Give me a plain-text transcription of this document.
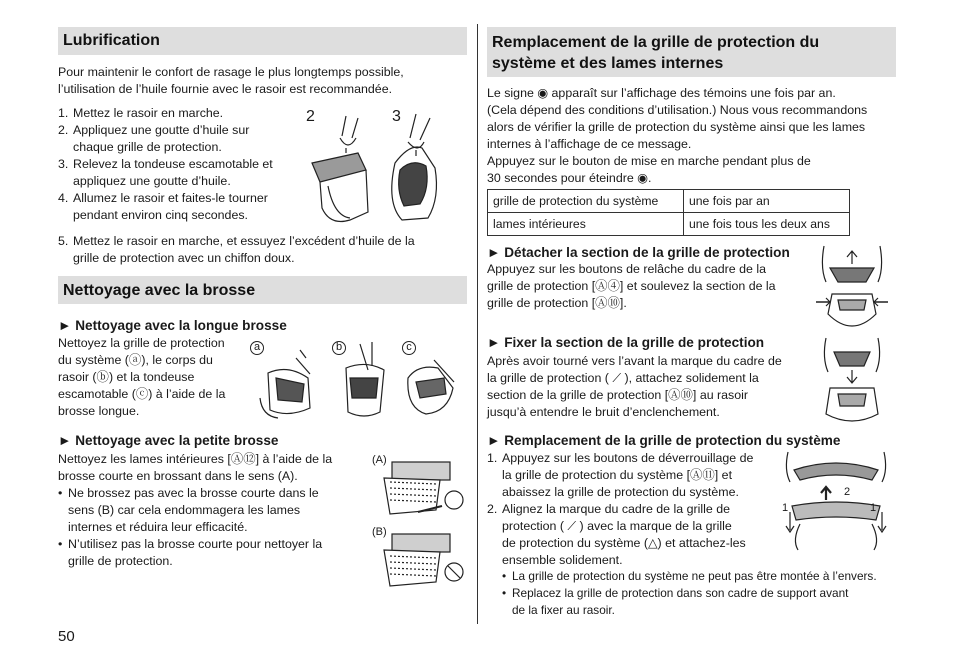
Lubrification
Pour maintenir le confort de rasage le plus longtemps possible,
l’utilisation de l’huile fournie avec le rasoir est recommandée.
1. Mettez le rasoir en marche.
2. Appliquez une goutte d’huile sur
chaque grille de protection.
3. Relevez la tondeuse escamotable et
appliquez une goutte d’huile.
4. Allumez le rasoir et faites-le tourner
pendant environ cinq secondes.
5. Mettez le rasoir en marche, et essuyez l’excédent d’huile de la
grille de protection avec un chiffon doux.
2	3
Nettoyage avec la brosse
► Nettoyage avec la longue brosse
Nettoyez la grille de protection
du système (ⓐ), le corps du
rasoir (ⓑ) et la tondeuse
escamotable (ⓒ) à l’aide de la
brosse longue.
a	b	c
► Nettoyage avec la petite brosse
Nettoyez les lames intérieures [Ⓐ⑫] à l’aide de la
brosse courte en brossant dans le sens (A).
• Ne brossez pas avec la brosse courte dans le
sens (B) car cela endommagera les lames
internes et réduira leur efficacité.
• N’utilisez pas la brosse courte pour nettoyer la
grille de protection.
(A)
(B)
50
Remplacement de la grille de protection du
système et des lames internes
Le signe ◉ apparaît sur l’affichage des témoins une fois par an.
(Cela dépend des conditions d’utilisation.) Nous vous recommandons
alors de vérifier la grille de protection du système ainsi que les lames
internes à l’affichage de ce message.
Appuyez sur le bouton de mise en marche pendant plus de
30 secondes pour éteindre ◉.
grille de protection du système	une fois par an
lames intérieures	une fois tous les deux ans
► Détacher la section de la grille de protection
Appuyez sur les boutons de relâche du cadre de la
grille de protection [Ⓐ④] et soulevez la section de la
grille de protection [Ⓐ⑩].
► Fixer la section de la grille de protection
Après avoir tourné vers l’avant la marque du cadre de
la grille de protection ( ⟋ ), attachez solidement la
section de la grille de protection [Ⓐ⑩] au rasoir
jusqu’à entendre le bruit d’enclenchement.
► Remplacement de la grille de protection du système
1. Appuyez sur les boutons de déverrouillage de
la grille de protection du système [Ⓐ⑪] et
abaissez la grille de protection du système.
2. Alignez la marque du cadre de la grille de
protection ( ⟋ ) avec la marque de la grille
de protection du système (△) et attachez-les
ensemble solidement.
• La grille de protection du système ne peut pas être montée à l’envers.
• Replacez la grille de protection dans son cadre de support avant
de la fixer au rasoir.
2
1	1
